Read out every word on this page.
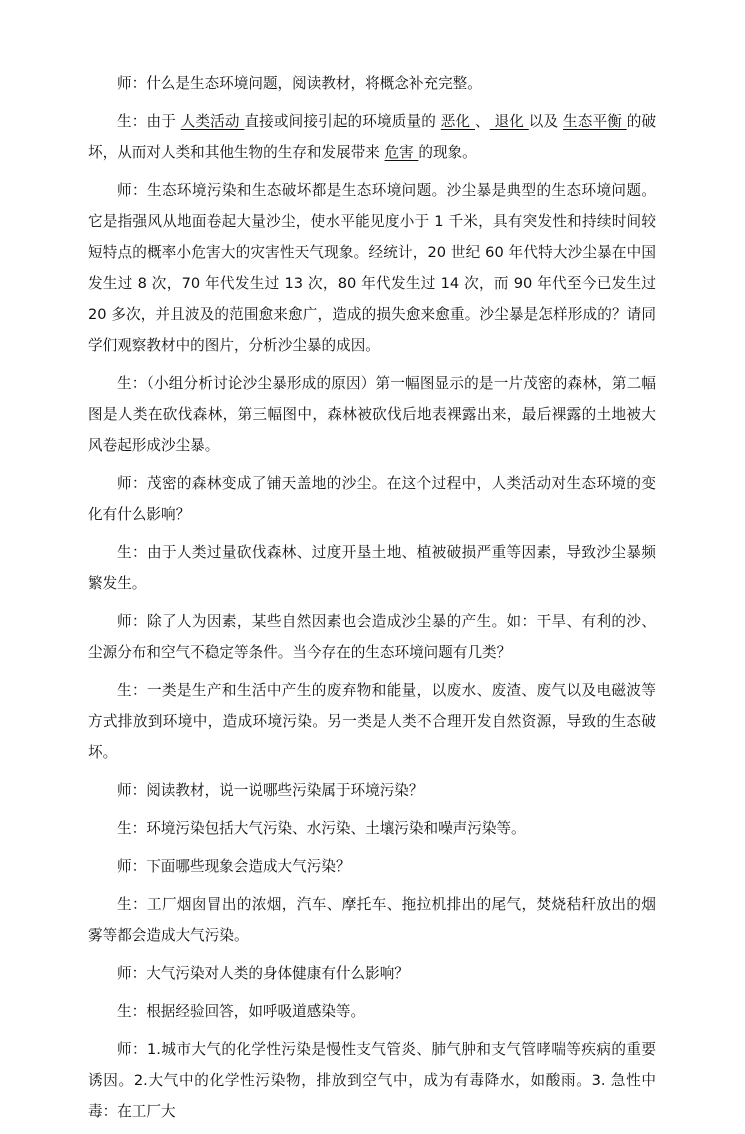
师：什么是生态环境问题，阅读教材，将概念补充完整。

生：由于 人类活动 直接或间接引起的环境质量的 恶化 、 退化 以及 生态平衡 的破坏，从而对人类和其他生物的生存和发展带来 危害 的现象。

师：生态环境污染和生态破坏都是生态环境问题。沙尘暴是典型的生态环境问题。它是指强风从地面卷起大量沙尘，使水平能见度小于 1 千米，具有突发性和持续时间较短特点的概率小危害大的灾害性天气现象。经统计，20 世纪 60 年代特大沙尘暴在中国发生过 8 次，70 年代发生过 13 次，80 年代发生过 14 次，而 90 年代至今已发生过 20 多次，并且波及的范围愈来愈广，造成的损失愈来愈重。沙尘暴是怎样形成的？请同学们观察教材中的图片，分析沙尘暴的成因。

生：（小组分析讨论沙尘暴形成的原因）第一幅图显示的是一片茂密的森林，第二幅图是人类在砍伐森林，第三幅图中，森林被砍伐后地表裸露出来，最后裸露的土地被大风卷起形成沙尘暴。

师：茂密的森林变成了铺天盖地的沙尘。在这个过程中，人类活动对生态环境的变化有什么影响？

生：由于人类过量砍伐森林、过度开垦土地、植被破损严重等因素，导致沙尘暴频繁发生。

师：除了人为因素，某些自然因素也会造成沙尘暴的产生。如：干旱、有利的沙、尘源分布和空气不稳定等条件。当今存在的生态环境问题有几类？

生：一类是生产和生活中产生的废弃物和能量，以废水、废渣、废气以及电磁波等方式排放到环境中，造成环境污染。另一类是人类不合理开发自然资源，导致的生态破坏。

师：阅读教材，说一说哪些污染属于环境污染？

生：环境污染包括大气污染、水污染、土壤污染和噪声污染等。

师：下面哪些现象会造成大气污染？

生：工厂烟囱冒出的浓烟，汽车、摩托车、拖拉机排出的尾气，焚烧秸秆放出的烟雾等都会造成大气污染。

师：大气污染对人类的身体健康有什么影响？

生：根据经验回答，如呼吸道感染等。

师：1.城市大气的化学性污染是慢性支气管炎、肺气肿和支气管哮喘等疾病的重要诱因。2.大气中的化学性污染物，排放到空气中，成为有毒降水，如酸雨。3. 急性中毒：在工厂大
